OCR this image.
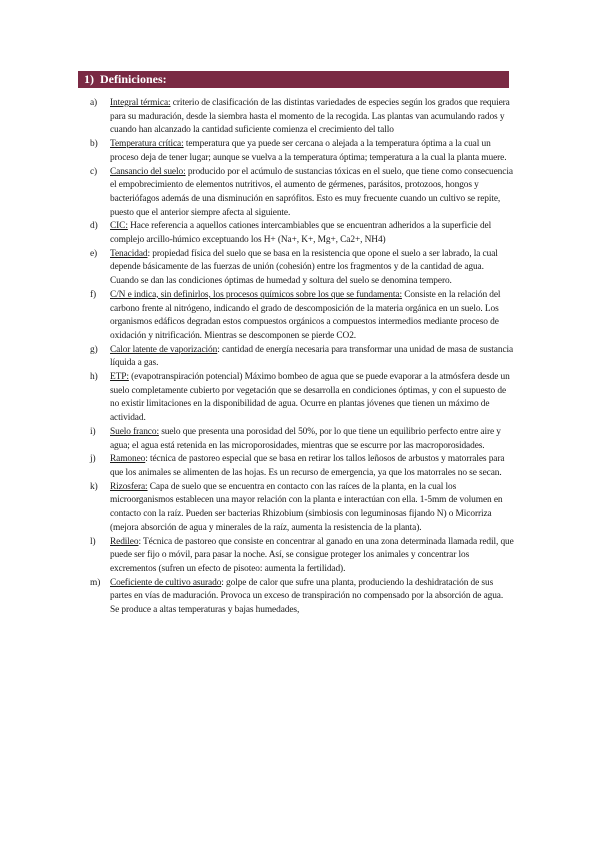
1) Definiciones:
a) Integral térmica: criterio de clasificación de las distintas variedades de especies según los grados que requiera para su maduración, desde la siembra hasta el momento de la recogida. Las plantas van acumulando rados y cuando han alcanzado la cantidad suficiente comienza el crecimiento del tallo
b) Temperatura crítica: temperatura que ya puede ser cercana o alejada a la temperatura óptima a la cual un proceso deja de tener lugar; aunque se vuelva a la temperatura óptima; temperatura a la cual la planta muere.
c) Cansancio del suelo: producido por el acúmulo de sustancias tóxicas en el suelo, que tiene como consecuencia el empobrecimiento de elementos nutritivos, el aumento de gérmenes, parásitos, protozoos, hongos y bacteriófagos además de una disminución en saprófitos. Esto es muy frecuente cuando un cultivo se repite, puesto que el anterior siempre afecta al siguiente.
d) CIC: Hace referencia a aquellos cationes intercambiables que se encuentran adheridos a la superficie del complejo arcillo-húmico exceptuando los H+ (Na+, K+, Mg+, Ca2+, NH4)
e) Tenacidad: propiedad física del suelo que se basa en la resistencia que opone el suelo a ser labrado, la cual depende básicamente de las fuerzas de unión (cohesión) entre los fragmentos y de la cantidad de agua. Cuando se dan las condiciones óptimas de humedad y soltura del suelo se denomina tempero.
f) C/N e indica, sin definirlos, los procesos químicos sobre los que se fundamenta: Consiste en la relación del carbono frente al nitrógeno, indicando el grado de descomposición de la materia orgánica en un suelo. Los organismos edáficos degradan estos compuestos orgánicos a compuestos intermedios mediante proceso de oxidación y nitrificación. Mientras se descomponen se pierde CO2.
g) Calor latente de vaporización: cantidad de energía necesaria para transformar una unidad de masa de sustancia líquida a gas.
h) ETP: (evapotranspiración potencial) Máximo bombeo de agua que se puede evaporar a la atmósfera desde un suelo completamente cubierto por vegetación que se desarrolla en condiciones óptimas, y con el supuesto de no existir limitaciones en la disponibilidad de agua. Ocurre en plantas jóvenes que tienen un máximo de actividad.
i) Suelo franco: suelo que presenta una porosidad del 50%, por lo que tiene un equilibrio perfecto entre aire y agua; el agua está retenida en las microporosidades, mientras que se escurre por las macroporosidades.
j) Ramoneo: técnica de pastoreo especial que se basa en retirar los tallos leñosos de arbustos y matorrales para que los animales se alimenten de las hojas. Es un recurso de emergencia, ya que los matorrales no se secan.
k) Rizosfera: Capa de suelo que se encuentra en contacto con las raíces de la planta, en la cual los microorganismos establecen una mayor relación con la planta e interactúan con ella. 1-5mm de volumen en contacto con la raíz. Pueden ser bacterias Rhizobium (simbiosis con leguminosas fijando N) o Micorriza (mejora absorción de agua y minerales de la raíz, aumenta la resistencia de la planta).
l) Redileo: Técnica de pastoreo que consiste en concentrar al ganado en una zona determinada llamada redil, que puede ser fijo o móvil, para pasar la noche. Así, se consigue proteger los animales y concentrar los excrementos (sufren un efecto de pisoteo: aumenta la fertilidad).
m) Coeficiente de cultivo asurado: golpe de calor que sufre una planta, produciendo la deshidratación de sus partes en vías de maduración. Provoca un exceso de transpiración no compensado por la absorción de agua. Se produce a altas temperaturas y bajas humedades,
